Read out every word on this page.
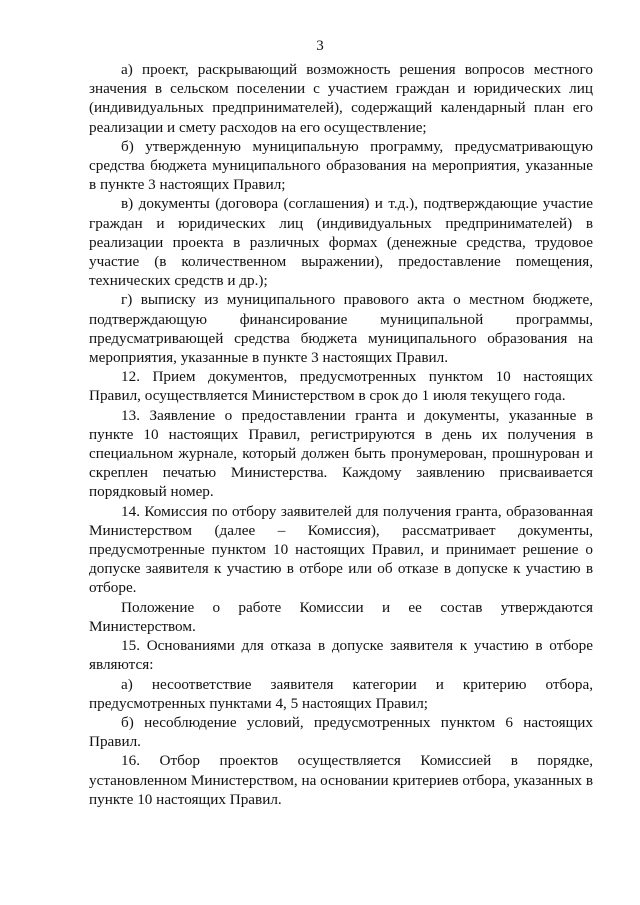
3

а) проект, раскрывающий возможность решения вопросов местного значения в сельском поселении с участием граждан и юридических лиц (индивидуальных предпринимателей), содержащий календарный план его реализации и смету расходов на его осуществление;

б) утвержденную муниципальную программу, предусматривающую средства бюджета муниципального образования на мероприятия, указанные в пункте 3 настоящих Правил;

в) документы (договора (соглашения) и т.д.), подтверждающие участие граждан и юридических лиц (индивидуальных предпринимателей) в реализации проекта в различных формах (денежные средства, трудовое участие (в количественном выражении), предоставление помещения, технических средств и др.);

г) выписку из муниципального правового акта о местном бюджете, подтверждающую финансирование муниципальной программы, предусматривающей средства бюджета муниципального образования на мероприятия, указанные в пункте 3 настоящих Правил.

12. Прием документов, предусмотренных пунктом 10 настоящих Правил, осуществляется Министерством в срок до 1 июля текущего года.

13. Заявление о предоставлении гранта и документы, указанные в пункте 10 настоящих Правил, регистрируются в день их получения в специальном журнале, который должен быть пронумерован, прошнурован и скреплен печатью Министерства. Каждому заявлению присваивается порядковый номер.

14. Комиссия по отбору заявителей для получения гранта, образованная Министерством (далее – Комиссия), рассматривает документы, предусмотренные пунктом 10 настоящих Правил, и принимает решение о допуске заявителя к участию в отборе или об отказе в допуске к участию в отборе.

Положение о работе Комиссии и ее состав утверждаются Министерством.

15. Основаниями для отказа в допуске заявителя к участию в отборе являются:

а) несоответствие заявителя категории и критерию отбора, предусмотренных пунктами 4, 5 настоящих Правил;

б) несоблюдение условий, предусмотренных пунктом 6 настоящих Правил.

16. Отбор проектов осуществляется Комиссией в порядке, установленном Министерством, на основании критериев отбора, указанных в пункте 10 настоящих Правил.
